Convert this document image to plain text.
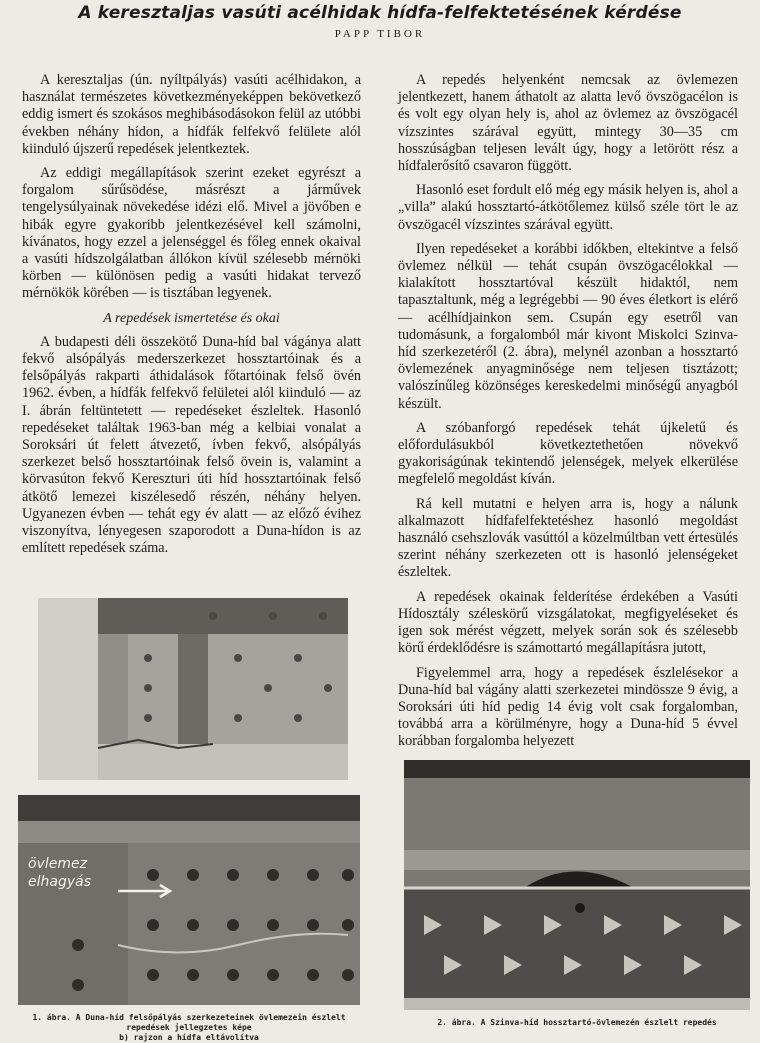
A keresztaljas vasúti acélhidak hídfa-felfektetésének kérdése
PAPP TIBOR

A keresztaljas (ún. nyíltpályás) vasúti acélhidakon, a használat természetes következményeképpen bekövetkező eddig ismert és szokásos meghibásodásokon felül az utóbbi években néhány hídon, a hídfák felfekvő felülete alól kiinduló újszerű repedések jelentkeztek.

Az eddigi megállapítások szerint ezeket egyrészt a forgalom sűrűsödése, másrészt a járművek tengelysúlyainak növekedése idézi elő. Mivel a jövőben e hibák egyre gyakoribb jelentkezésével kell számolni, kívánatos, hogy ezzel a jelenséggel és főleg ennek okaival a vasúti hídszolgálatban állókon kívül szélesebb mérnöki körben — különösen pedig a vasúti hidakat tervező mérnökök körében — is tisztában legyenek.

A repedések ismertetése és okai

A budapesti déli összekötő Duna-híd bal vágánya alatt fekvő alsópályás mederszerkezet hossztartóinak és a felsőpályás rakparti áthidalások főtartóinak felső övén 1962. évben, a hídfák felfekvő felületei alól kiinduló — az I. ábrán feltüntetett — repedéseket észleltek. Hasonló repedéseket találtak 1963-ban még a kelbiai vonalat a Soroksári út felett átvezető, ívben fekvő, alsópályás szerkezet belső hossztartóinak felső övein is, valamint a körvasúton fekvő Kereszturi úti híd hossztartóinak felső átkötő lemezei kiszélesedő részén, néhány helyen. Ugyanezen évben — tehát egy év alatt — az előző évihez viszonyítva, lényegesen szaporodott a Duna-hídon is az említett repedések száma.

A repedés helyenként nemcsak az övlemezen jelentkezett, hanem áthatolt az alatta levő övszögacélon is és volt egy olyan hely is, ahol az övlemez az övszögacél vízszintes szárával együtt, mintegy 30—35 cm hosszúságban teljesen levált úgy, hogy a letörött rész a hídfalerősítő csavaron függött.

Hasonló eset fordult elő még egy másik helyen is, ahol a „villa” alakú hossztartó-átkötőlemez külső széle tört le az övszögacél vízszintes szárával együtt.

Ilyen repedéseket a korábbi időkben, eltekintve a felső övlemez nélkül — tehát csupán övszögacélokkal — kialakított hossztartóval készült hidaktól, nem tapasztaltunk, még a legrégebbi — 90 éves életkort is elérő — acélhídjainkon sem. Csupán egy esetről van tudomásunk, a forgalomból már kivont Miskolci Szinva-híd szerkezetéről (2. ábra), melynél azonban a hossztartó övlemezének anyagminősége nem teljesen tisztázott; valószínűleg közönséges kereskedelmi minőségű anyagból készült.

A szóbanforgó repedések tehát újkeletű és előfordulásukból következtethetően növekvő gyakoriságúnak tekintendő jelenségek, melyek elkerülése megfelelő megoldást kíván.

Rá kell mutatni e helyen arra is, hogy a nálunk alkalmazott hídfafelfektetéshez hasonló megoldást használó csehszlovák vasúttól a közelmúltban vett értesülés szerint néhány szerkezeten ott is hasonló jelenségeket észleltek.

A repedések okainak felderítése érdekében a Vasúti Hídosztály széleskörű vizsgálatokat, megfigyeléseket és igen sok mérést végzett, melyek során sok és szélesebb körű érdeklődésre is számottartó megállapításra jutott,

Figyelemmel arra, hogy a repedések észlelésekor a Duna-híd bal vágány alatti szerkezetei mindössze 9 évig, a Soroksári úti híd pedig 14 évig volt csak forgalomban, továbbá arra a körülményre, hogy a Duna-híd 5 évvel korábban forgalomba helyezett

övlemez
elhagyás
1. ábra. A Duna-híd felsőpályás szerkezeteinek övlemezein észlelt repedések jellegzetes képe
b) rajzon a hídfa eltávolítva
2. ábra. A Szinva-híd hossztartó-övlemezén észlelt repedés
